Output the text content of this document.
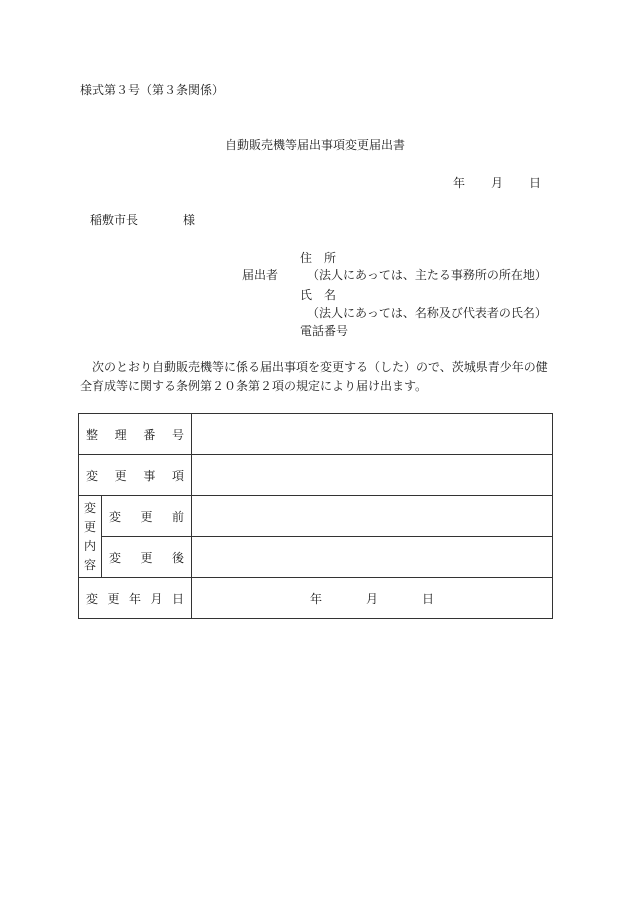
様式第３号（第３条関係）
自動販売機等届出事項変更届出書
年 月 日
稲敷市長	様
住　所
届出者 （法人にあっては、主たる事務所の所在地）
氏　名
（法人にあっては、名称及び代表者の氏名）
電話番号
次のとおり自動販売機等に係る届出事項を変更する（した）ので、茨城県青少年の健全育成等に関する条例第２０条第２項の規定により届け出ます。
整理番号		
変更事項		

変
更
内
容	変更前	
	変更後	
変更年月日		年 月 日
